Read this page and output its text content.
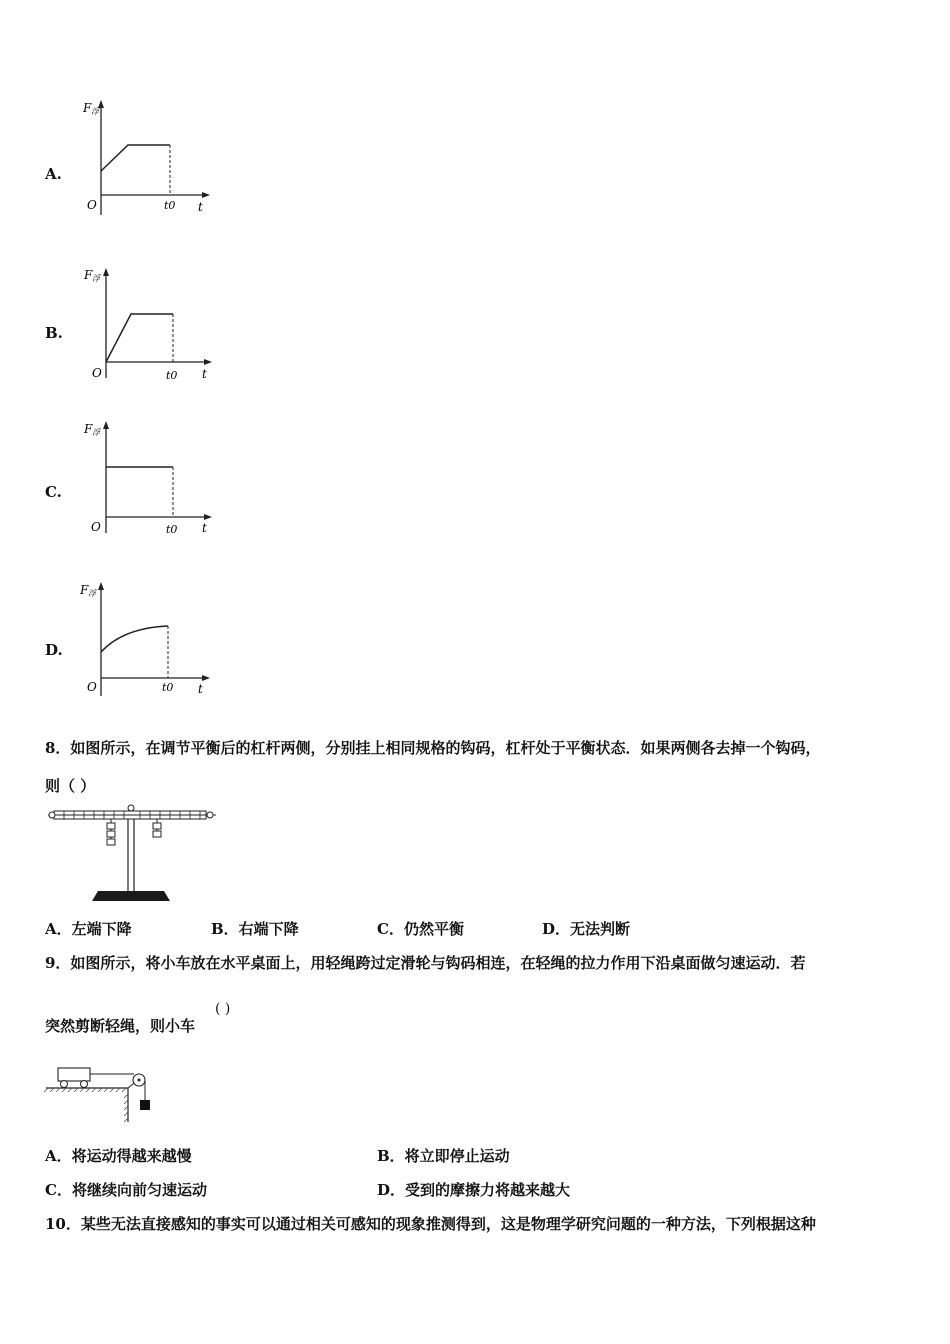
A.
B.
C.
D.
F 浮
O	t0 t
F 浮
O	t0 t
F 浮
O	t0 t
F 浮
O	t0 t
8．如图所示，在调节平衡后的杠杆两侧，分别挂上相同规格的钩码，杠杆处于平衡状态．如果两侧各去掉一个钩码，
则（ ）
A．左端下降	B．右端下降	C．仍然平衡	D．无法判断
9．如图所示，将小车放在水平桌面上，用轻绳跨过定滑轮与钩码相连，在轻绳的拉力作用下沿桌面做匀速运动．若
突然剪断轻绳，则小车
( )
A．将运动得越来越慢	B．将立即停止运动
C．将继续向前匀速运动	D．受到的摩擦力将越来越大
10．某些无法直接感知的事实可以通过相关可感知的现象推测得到，这是物理学研究问题的一种方法，下列根据这种
